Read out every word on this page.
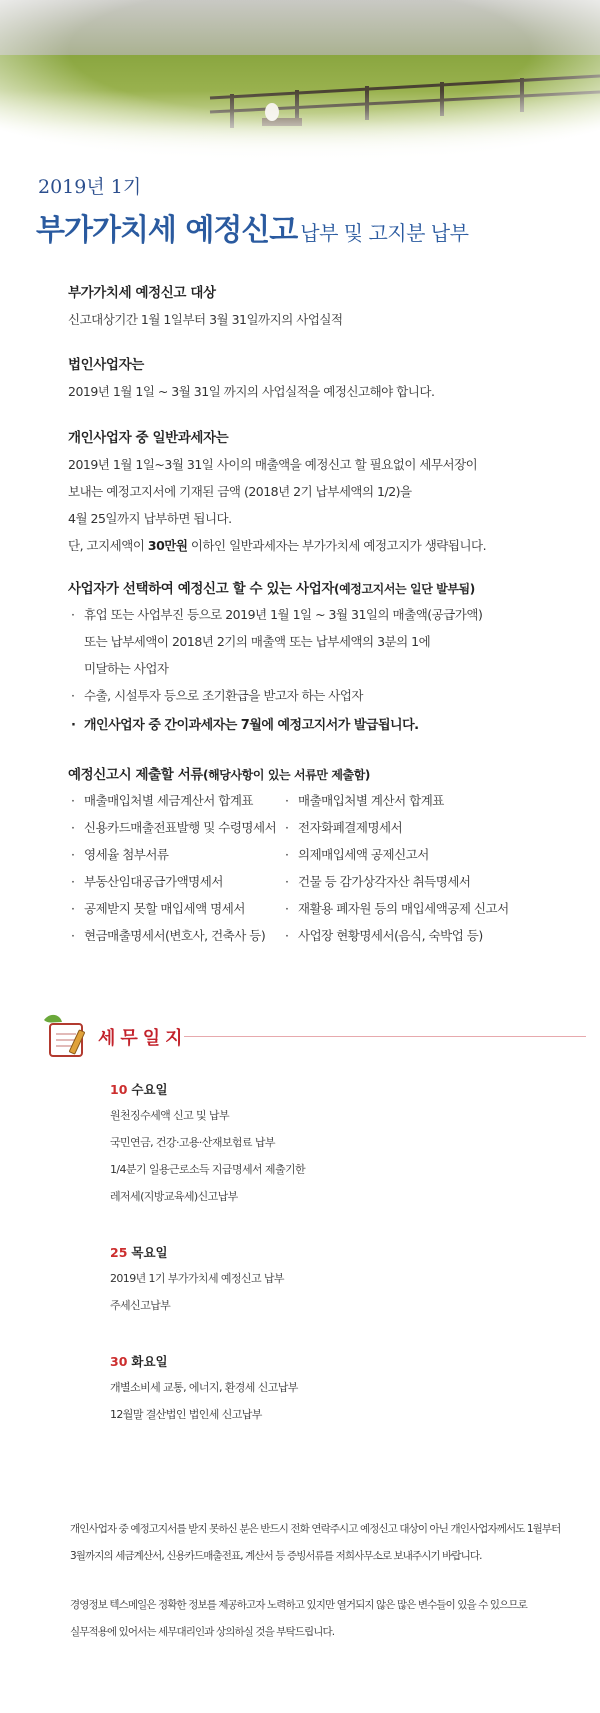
2019년 1기
부가가치세 예정신고 납부 및 고지분 납부
부가가치세 예정신고 대상
신고대상기간 1월 1일부터 3월 31일까지의 사업실적
법인사업자는
2019년 1월 1일 ~ 3월 31일 까지의 사업실적을 예정신고해야 합니다.
개인사업자 중 일반과세자는
2019년 1월 1일~3월 31일 사이의 매출액을 예정신고 할 필요없이 세무서장이
보내는 예정고지서에 기재된 금액 (2018년 2기 납부세액의 1/2)을
4월 25일까지 납부하면 됩니다.
단, 고지세액이 30만원 이하인 일반과세자는 부가가치세 예정고지가 생략됩니다.
사업자가 선택하여 예정신고 할 수 있는 사업자(예정고지서는 일단 발부됨)
· 휴업 또는 사업부진 등으로 2019년 1월 1일 ~ 3월 31일의 매출액(공급가액)
또는 납부세액이 2018년 2기의 매출액 또는 납부세액의 3분의 1에
미달하는 사업자
· 수출, 시설투자 등으로 조기환급을 받고자 하는 사업자
· 개인사업자 중 간이과세자는 7월에 예정고지서가 발급됩니다.
예정신고시 제출할 서류(해당사항이 있는 서류만 제출함)
· 매출매입처별 세금계산서 합계표
· 신용카드매출전표발행 및 수령명세서
· 영세율 첨부서류
· 부동산임대공급가액명세서
· 공제받지 못할 매입세액 명세서
· 현금매출명세서(변호사, 건축사 등)
· 매출매입처별 계산서 합계표
· 전자화폐결제명세서
· 의제매입세액 공제신고서
· 건물 등 감가상각자산 취득명세서
· 재활용 폐자원 등의 매입세액공제 신고서
· 사업장 현황명세서(음식, 숙박업 등)
세무일지
10 수요일
원천징수세액 신고 및 납부
국민연금, 건강·고용·산재보험료 납부
1/4분기 일용근로소득 지급명세서 제출기한
레저세(지방교육세)신고납부
25 목요일
2019년 1기 부가가치세 예정신고 납부
주세신고납부
30 화요일
개별소비세 교통, 에너지, 환경세 신고납부
12월말 결산법인 법인세 신고납부
개인사업자 중 예정고지서를 받지 못하신 분은 반드시 전화 연락주시고 예정신고 대상이 아닌 개인사업자께서도 1월부터
3월까지의 세금계산서, 신용카드매출전표, 계산서 등 증빙서류를 저희사무소로 보내주시기 바랍니다.
경영정보 텍스메일은 정확한 정보를 제공하고자 노력하고 있지만 열거되지 않은 많은 변수들이 있을 수 있으므로
실무적용에 있어서는 세무대리인과 상의하실 것을 부탁드립니다.
